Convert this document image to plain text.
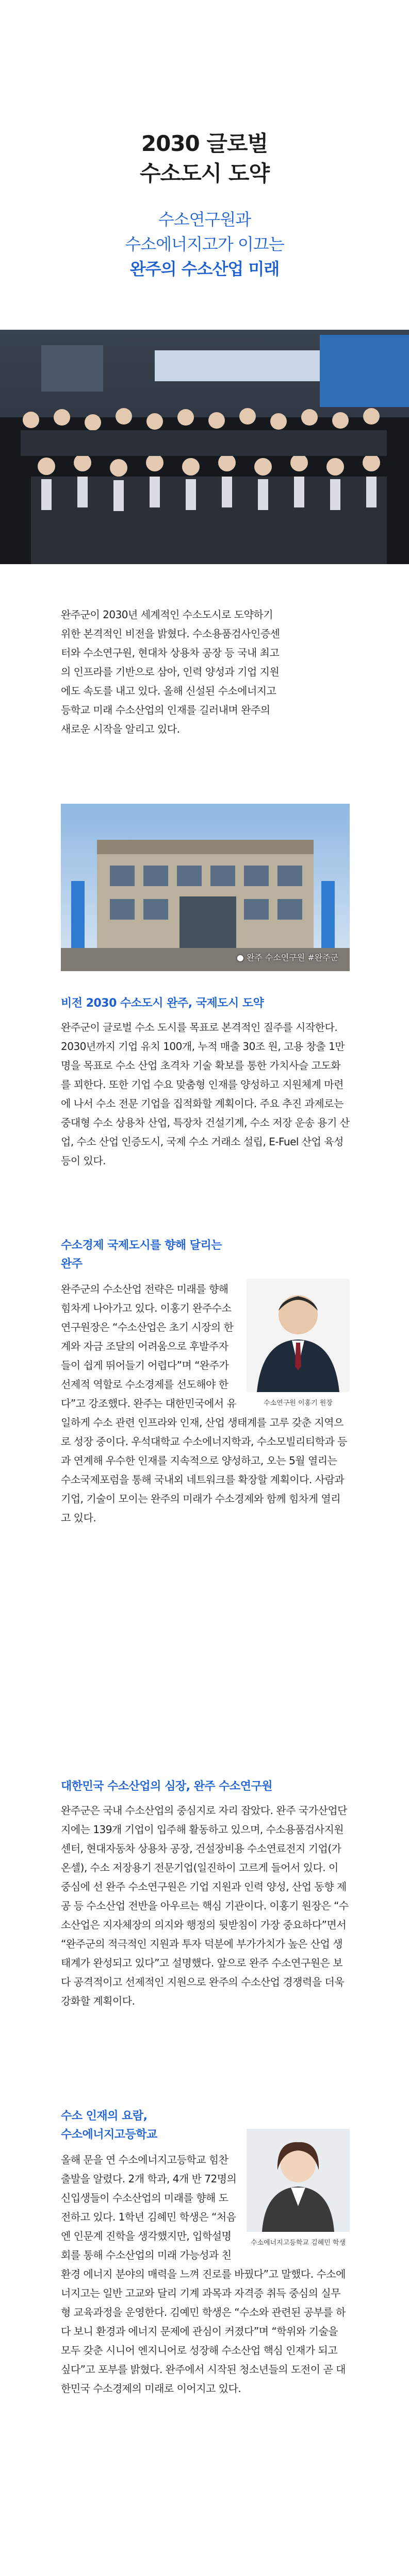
2030 글로벌
수소도시 도약
수소연구원과
수소에너지고가 이끄는
완주의 수소산업 미래

완주군이 2030년 세계적인 수소도시로 도약하기 위한 본격적인 비전을 밝혔다. 수소용품검사인증센터와 수소연구원, 현대차 상용차 공장 등 국내 최고의 인프라를 기반으로 삼아, 인력 양성과 기업 지원에도 속도를 내고 있다. 올해 신설된 수소에너지고등학교 미래 수소산업의 인재를 길러내며 완주의 새로운 시작을 알리고 있다.

● 완주 수소연구원 #완주군
비전 2030 수소도시 완주, 국제도시 도약

완주군이 글로벌 수소 도시를 목표로 본격적인 질주를 시작한다. 2030년까지 기업 유치 100개, 누적 매출 30조 원, 고용 창출 1만 명을 목표로 수소 산업 초격차 기술 확보를 통한 가치사슬 고도화를 꾀한다. 또한 기업 수요 맞춤형 인재를 양성하고 지원체계 마련에 나서 수소 전문 기업을 집적화할 계획이다. 주요 추진 과제로는 중대형 수소 상용차 산업, 특장차 건설기계, 수소 저장 운송 용기 산업, 수소 산업 인증도시, 국제 수소 거래소 설립, E-Fuel 산업 육성 등이 있다.

수소경제 국제도시를 향해 달리는
완주
수소연구원 이홍기 원장

완주군의 수소산업 전략은 미래를 향해 힘차게 나아가고 있다. 이홍기 완주수소연구원장은 “수소산업은 초기 시장의 한계와 자금 조달의 어려움으로 후발주자들이 쉽게 뛰어들기 어렵다”며 “완주가 선제적 역할로 수소경제를 선도해야 한다”고 강조했다. 완주는 대한민국에서 유일하게 수소 관련 인프라와 인재, 산업 생태계를 고루 갖춘 지역으로 성장 중이다. 우석대학교 수소에너지학과, 수소모빌리티학과 등과 연계해 우수한 인재를 지속적으로 양성하고, 오는 5월 열리는 수소국제포럼을 통해 국내외 네트워크를 확장할 계획이다. 사람과 기업, 기술이 모이는 완주의 미래가 수소경제와 함께 힘차게 열리고 있다.

대한민국 수소산업의 심장, 완주 수소연구원

완주군은 국내 수소산업의 중심지로 자리 잡았다. 완주 국가산업단지에는 139개 기업이 입주해 활동하고 있으며, 수소용품검사지원센터, 현대자동차 상용차 공장, 건설장비용 수소연료전지 기업(가온셀), 수소 저장용기 전문기업(일진하이 고르게 들어서 있다. 이 중심에 선 완주 수소연구원은 기업 지원과 인력 양성, 산업 동향 제공 등 수소산업 전반을 아우르는 핵심 기관이다. 이홍기 원장은 “수소산업은 지자체장의 의지와 행정의 뒷받침이 가장 중요하다”면서 “완주군의 적극적인 지원과 투자 덕분에 부가가치가 높은 산업 생태계가 완성되고 있다”고 설명했다. 앞으로 완주 수소연구원은 보다 공격적이고 선제적인 지원으로 완주의 수소산업 경쟁력을 더욱 강화할 계획이다.

수소 인재의 요람,
수소에너지고등학교
수소에너지고등학교 김혜민 학생

올해 문을 연 수소에너지고등학교 힘찬 출발을 알렸다. 2개 학과, 4개 반 72명의 신입생들이 수소산업의 미래를 향해 도전하고 있다. 1학년 김혜민 학생은 “처음엔 인문계 진학을 생각했지만, 입학설명회를 통해 수소산업의 미래 가능성과 친환경 에너지 분야의 매력을 느껴 진로를 바꿨다”고 말했다. 수소에너지고는 일반 고교와 달리 기계 과목과 자격증 취득 중심의 실무형 교육과정을 운영한다. 김예민 학생은 “수소와 관련된 공부를 하다 보니 환경과 에너지 문제에 관심이 커졌다”며 “학위와 기술을 모두 갖춘 시니어 엔지니어로 성장해 수소산업 핵심 인재가 되고 싶다”고 포부를 밝혔다. 완주에서 시작된 청소년들의 도전이 곧 대한민국 수소경제의 미래로 이어지고 있다.
